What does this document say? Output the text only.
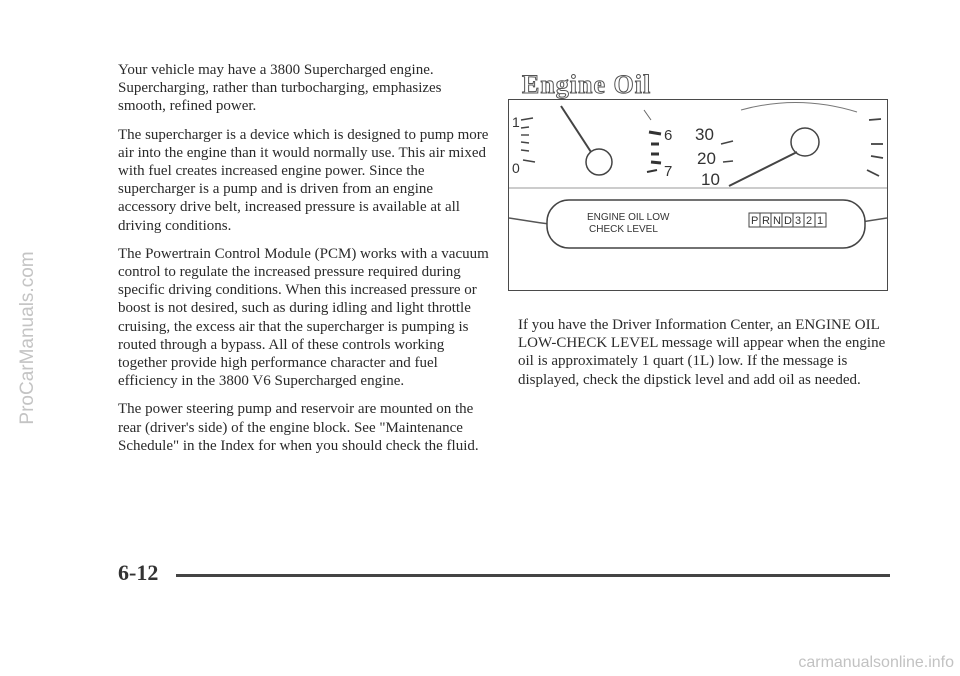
ProCarManuals.com
carmanualsonline.info

Your vehicle may have a 3800 Supercharged engine. Supercharging, rather than turbocharging, emphasizes smooth, refined power.

The supercharger is a device which is designed to pump more air into the engine than it would normally use. This air mixed with fuel creates increased engine power. Since the supercharger is a pump and is driven from an engine accessory drive belt, increased pressure is available at all driving conditions.

The Powertrain Control Module (PCM) works with a vacuum control to regulate the increased pressure required during specific driving conditions. When this increased pressure or boost is not desired, such as during idling and light throttle cruising, the excess air that the supercharger is pumping is routed through a bypass. All of these controls working together provide high performance character and fuel efficiency in the 3800 V6 Supercharged engine.

The power steering pump and reservoir are mounted on the rear (driver's side) of the engine block. See "Maintenance Schedule" in the Index for when you should check the fluid.

Engine Oil
1
0
6
7
30
20
10
ENGINE OIL LOW
CHECK LEVEL
P R N D 3 2 1

If you have the Driver Information Center, an ENGINE OIL LOW-CHECK LEVEL message will appear when the engine oil is approximately 1 quart (1L) low. If the message is displayed, check the dipstick level and add oil as needed.

6-12
